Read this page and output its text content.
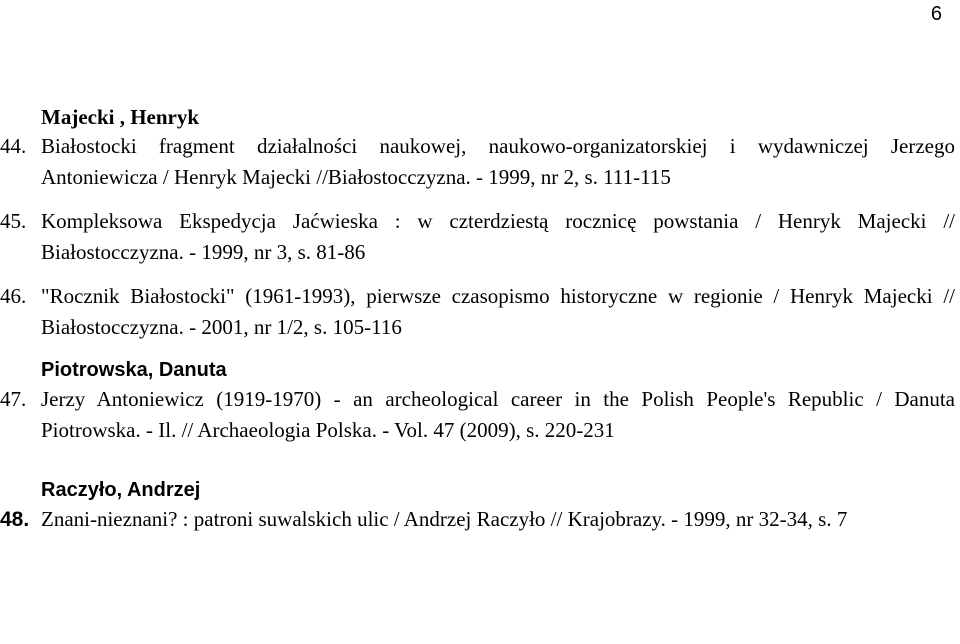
6
Majecki , Henryk

44. Białostocki fragment działalności naukowej, naukowo-organizatorskiej i wydawniczej Jerzego Antoniewicza / Henryk Majecki //Białostocczyzna. - 1999, nr 2, s. 111-115

45. Kompleksowa Ekspedycja Jaćwieska : w czterdziestą rocznicę powstania / Henryk Majecki // Białostocczyzna. - 1999, nr 3, s. 81-86

46. "Rocznik Białostocki" (1961-1993), pierwsze czasopismo historyczne w regionie / Henryk Majecki // Białostocczyzna. - 2001, nr 1/2, s. 105-116

Piotrowska, Danuta

47. Jerzy Antoniewicz (1919-1970) - an archeological career in the Polish People's Republic / Danuta Piotrowska. - Il. // Archaeologia Polska. - Vol. 47 (2009), s. 220-231

Raczyło, Andrzej

48. Znani-nieznani? : patroni suwalskich ulic / Andrzej Raczyło // Krajobrazy. - 1999, nr 32-34, s. 7
